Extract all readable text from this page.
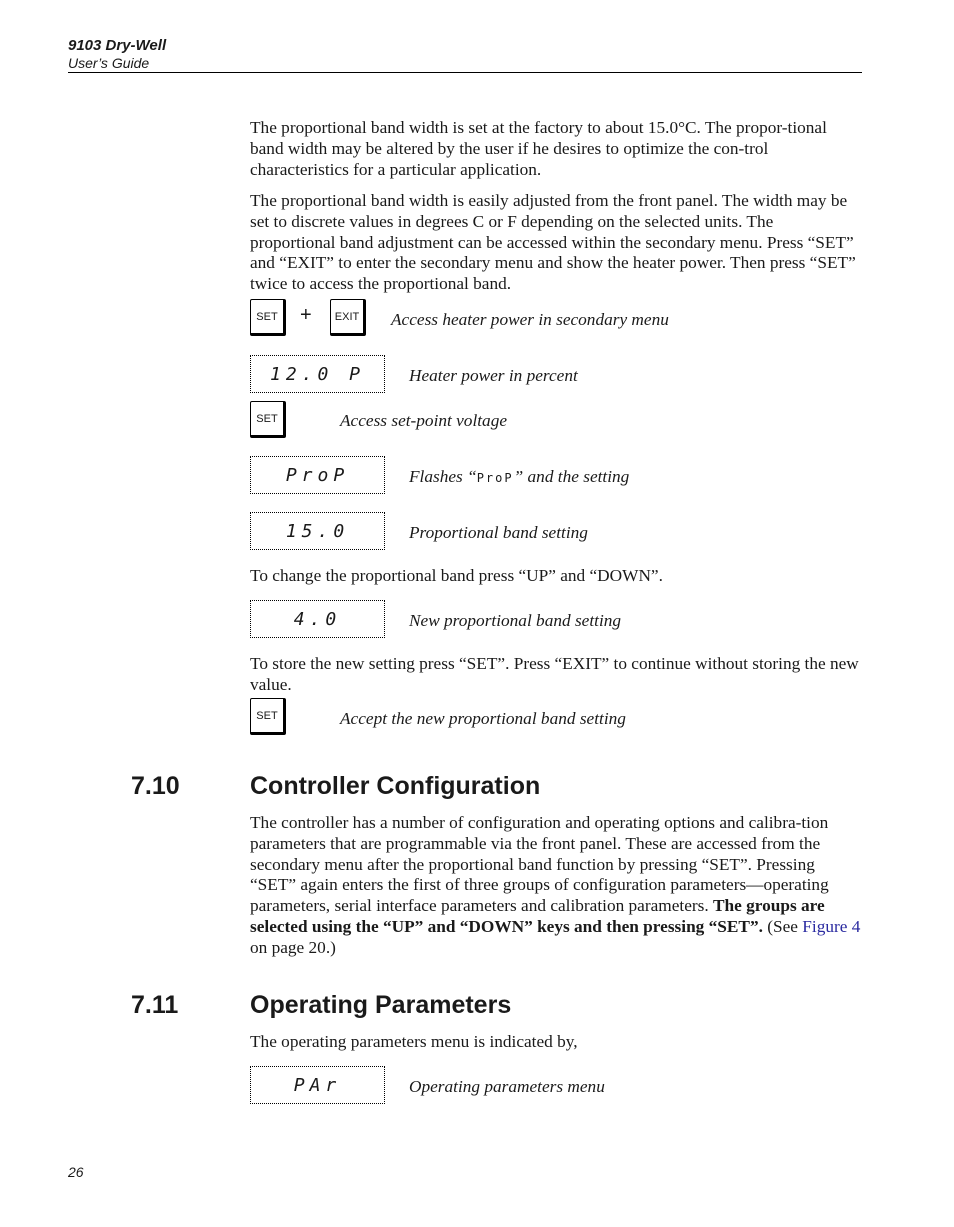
9103 Dry-Well
User’s Guide

The proportional band width is set at the factory to about 15.0°C. The propor-tional band width may be altered by the user if he desires to optimize the con-trol characteristics for a particular application.

The proportional band width is easily adjusted from the front panel. The width may be set to discrete values in degrees C or F depending on the selected units. The proportional band adjustment can be accessed within the secondary menu. Press “SET” and “EXIT” to enter the secondary menu and show the heater power. Then press “SET” twice to access the proportional band.

SET	+	EXIT	Access heater power in secondary menu
12.0 P	Heater power in percent
SET	Access set-point voltage
PrоP	Flashes “PrоP” and the setting
15.0	Proportional band setting

To change the proportional band press “UP” and “DOWN”.

4.0	New proportional band setting

To store the new setting press “SET”. Press “EXIT” to continue without storing the new value.

SET	Accept the new proportional band setting
7.10	Controller Configuration

The controller has a number of configuration and operating options and calibra-tion parameters that are programmable via the front panel. These are accessed from the secondary menu after the proportional band function by pressing “SET”. Pressing “SET” again enters the first of three groups of configuration parameters—operating parameters, serial interface parameters and calibration parameters. The groups are selected using the “UP” and “DOWN” keys and then pressing “SET”. (See Figure 4 on page 20.)

7.11	Operating Parameters

The operating parameters menu is indicated by,

PAr	Operating parameters menu
26
